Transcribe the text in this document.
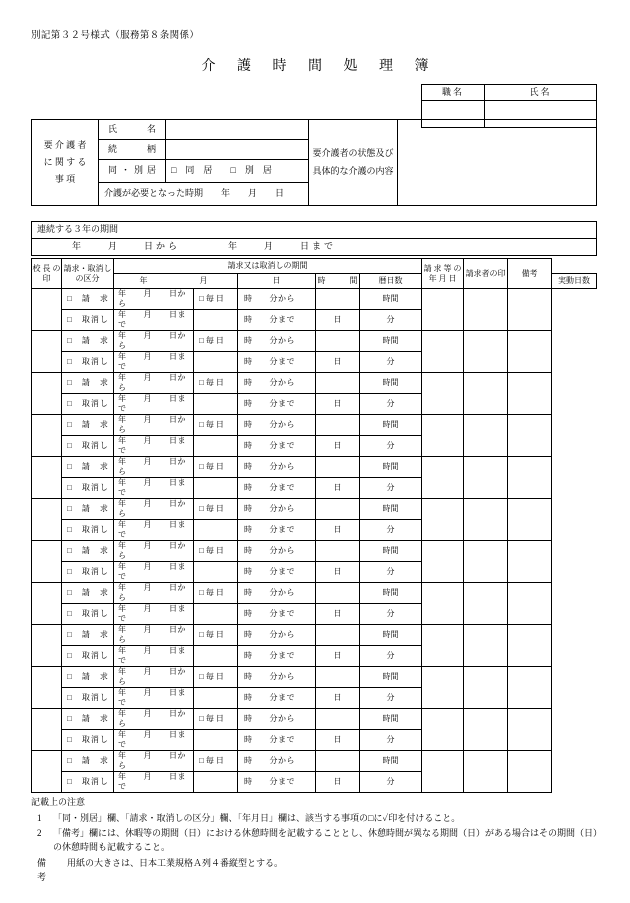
別記第３２号様式（服務第８条関係）
介 護 時 間 処 理 簿
職名	氏名

要 介 護 者
に 関 す る
事 項	氏　　名		要介護者の状態及び具体的な介護の内容	
	続　　柄			
	同・別居	□　同　居　　□　別　居		
	介護が必要となった時期　　年　　月　　日			
連続する３年の期間
年　　月　　日から　　　　年　　月　　日まで
校 長 の 印	請求・取消しの区分	請求又は取消しの期間					請 求 等 の 年 月 日	請求者の印	備考	
		年 月		日	時　　　間	暦日数				実動日数
	□　請　求	年　　月　　日から	□ 毎 日	時　　分から		時間				
	□　取消し	年　　月　　日まで		時　　分まで	日	分				
	□　請　求	年　　月　　日から	□ 毎 日	時　　分から		時間				
	□　取消し	年　　月　　日まで		時　　分まで	日	分				
	□　請　求	年　　月　　日から	□ 毎 日	時　　分から		時間				
	□　取消し	年　　月　　日まで		時　　分まで	日	分				
	□　請　求	年　　月　　日から	□ 毎 日	時　　分から		時間				
	□　取消し	年　　月　　日まで		時　　分まで	日	分				
	□　請　求	年　　月　　日から	□ 毎 日	時　　分から		時間				
	□　取消し	年　　月　　日まで		時　　分まで	日	分				
	□　請　求	年　　月　　日から	□ 毎 日	時　　分から		時間				
	□　取消し	年　　月　　日まで		時　　分まで	日	分				
	□　請　求	年　　月　　日から	□ 毎 日	時　　分から		時間				
	□　取消し	年　　月　　日まで		時　　分まで	日	分				
	□　請　求	年　　月　　日から	□ 毎 日	時　　分から		時間				
	□　取消し	年　　月　　日まで		時　　分まで	日	分				
	□　請　求	年　　月　　日から	□ 毎 日	時　　分から		時間				
	□　取消し	年　　月　　日まで		時　　分まで	日	分				
	□　請　求	年　　月　　日から	□ 毎 日	時　　分から		時間				
	□　取消し	年　　月　　日まで		時　　分まで	日	分				
	□　請　求	年　　月　　日から	□ 毎 日	時　　分から		時間				
	□　取消し	年　　月　　日まで		時　　分まで	日	分				
	□　請　求	年　　月　　日から	□ 毎 日	時　　分から		時間				
	□　取消し	年　　月　　日まで		時　　分まで	日	分				
記載上の注意
1	「同・別居」欄、「請求・取消しの区分」欄、「年月日」欄は、該当する事項の□に✓印を付けること。
2	「備考」欄には、休暇等の期間（日）における休憩時間を記載することとし、休憩時間が異なる期間（日）がある場合はその期間（日）の休憩時間も記載すること。
備　考
用紙の大きさは、日本工業規格Ａ列４番縦型とする。
